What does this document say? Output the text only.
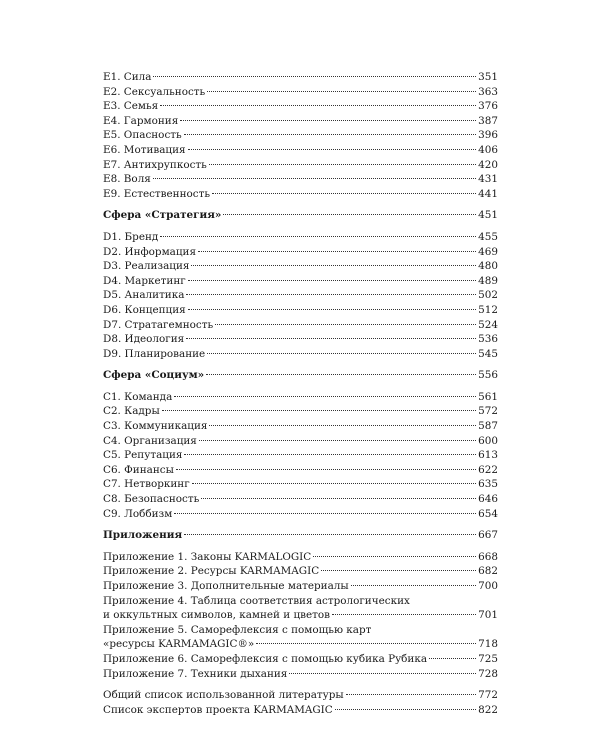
E1. Сила	351
E2. Сексуальность	363
E3. Семья	376
E4. Гармония	387
E5. Опасность	396
E6. Мотивация	406
E7. Антихрупкость	420
E8. Воля	431
E9. Естественность	441
Сфера «Стратегия»	451
D1. Бренд	455
D2. Информация	469
D3. Реализация	480
D4. Маркетинг	489
D5. Аналитика	502
D6. Концепция	512
D7. Стратагемность	524
D8. Идеология	536
D9. Планирование	545
Сфера «Социум»	556
C1. Команда	561
C2. Кадры	572
C3. Коммуникация	587
C4. Организация	600
C5. Репутация	613
C6. Финансы	622
C7. Нетворкинг	635
C8. Безопасность	646
C9. Лоббизм	654
Приложения	667
Приложение 1. Законы KARMALOGIC	668
Приложение 2. Ресурсы KARMAMAGIC	682
Приложение 3. Дополнительные материалы	700
Приложение 4. Таблица соответствия астрологических
и оккультных символов, камней и цветов	701
Приложение 5. Саморефлексия с помощью карт
«ресурсы KARMAMAGIC®»	718
Приложение 6. Саморефлексия с помощью кубика Рубика	725
Приложение 7. Техники дыхания	728
Общий список использованной литературы	772
Список экспертов проекта KARMAMAGIC	822
